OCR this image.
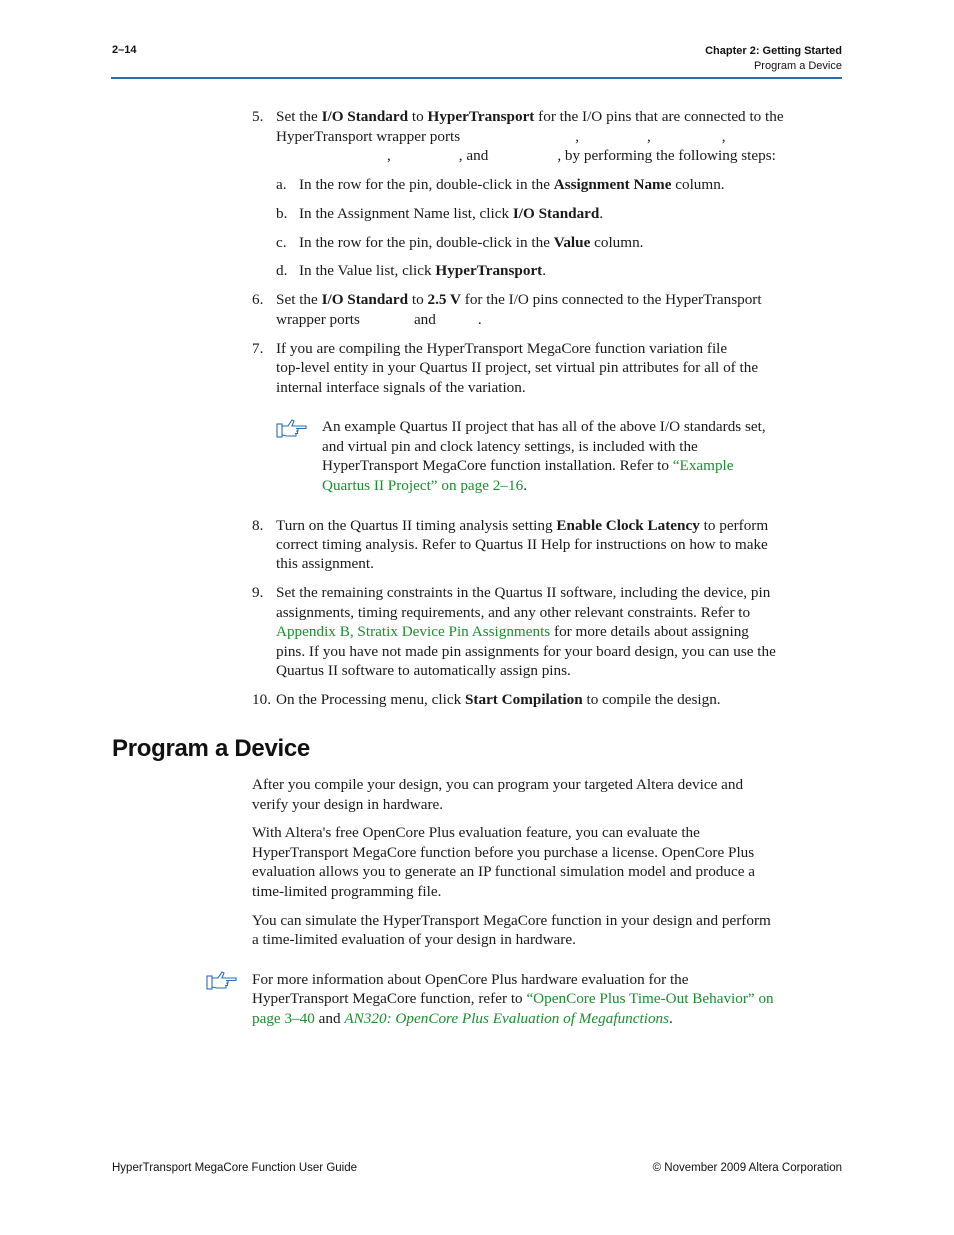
2–14	Chapter 2: Getting Started
Program a Device
5. Set the I/O Standard to HyperTransport for the I/O pins that are connected to the

HyperTransport wrapper ports	,	,	,

,	, and	, by performing the following steps:

a. In the row for the pin, double-click in the Assignment Name column.

b. In the Assignment Name list, click I/O Standard.

c. In the row for the pin, double-click in the Value column.

d. In the Value list, click HyperTransport.

6. Set the I/O Standard to 2.5 V for the I/O pins connected to the HyperTransport

wrapper ports	and	.

7. If you are compiling the HyperTransport MegaCore function variation file

top-level entity in your Quartus II project, set virtual pin attributes for all of the

internal interface signals of the variation.

An example Quartus II project that has all of the above I/O standards set,

and virtual pin and clock latency settings, is included with the

HyperTransport MegaCore function installation. Refer to “Example

Quartus II Project” on page 2–16.

8. Turn on the Quartus II timing analysis setting Enable Clock Latency to perform

correct timing analysis. Refer to Quartus II Help for instructions on how to make

this assignment.

9. Set the remaining constraints in the Quartus II software, including the device, pin

assignments, timing requirements, and any other relevant constraints. Refer to

Appendix B, Stratix Device Pin Assignments for more details about assigning

pins. If you have not made pin assignments for your board design, you can use the

Quartus II software to automatically assign pins.

10. On the Processing menu, click Start Compilation to compile the design.

Program a Device

After you compile your design, you can program your targeted Altera device and

verify your design in hardware.

With Altera's free OpenCore Plus evaluation feature, you can evaluate the

HyperTransport MegaCore function before you purchase a license. OpenCore Plus

evaluation allows you to generate an IP functional simulation model and produce a

time-limited programming file.

You can simulate the HyperTransport MegaCore function in your design and perform

a time-limited evaluation of your design in hardware.

For more information about OpenCore Plus hardware evaluation for the

HyperTransport MegaCore function, refer to “OpenCore Plus Time-Out Behavior” on

page 3–40 and AN320: OpenCore Plus Evaluation of Megafunctions.

HyperTransport MegaCore Function User Guide	© November 2009 Altera Corporation
